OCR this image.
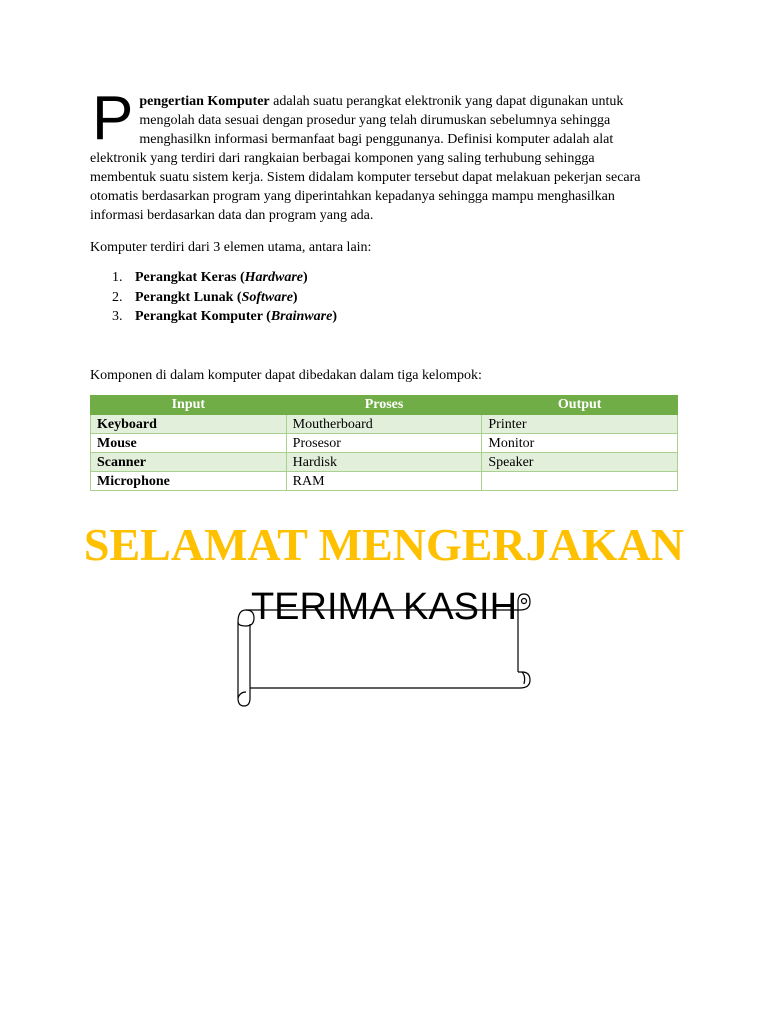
Ppengertian Komputer adalah suatu perangkat elektronik yang dapat digunakan untuk mengolah data sesuai dengan prosedur yang telah dirumuskan sebelumnya sehingga menghasilkn informasi bermanfaat bagi penggunanya. Definisi komputer adalah alat elektronik yang terdiri dari rangkaian berbagai komponen yang saling terhubung sehingga membentuk suatu sistem kerja. Sistem didalam komputer tersebut dapat melakuan pekerjan secara otomatis berdasarkan program yang diperintahkan kepadanya sehingga mampu menghasilkan informasi berdasarkan data dan program yang ada.
Komputer terdiri dari 3 elemen utama, antara lain:
1. Perangkat Keras (Hardware)
2. Perangkt Lunak (Software)
3. Perangkat Komputer (Brainware)
Komponen di dalam komputer dapat dibedakan dalam tiga kelompok:
Input	Proses	Output
Keyboard	Moutherboard	Printer
Mouse	Prosesor	Monitor
Scanner	Hardisk	Speaker
Microphone	RAM	
SELAMAT MENGERJAKAN
TERIMA KASIH
